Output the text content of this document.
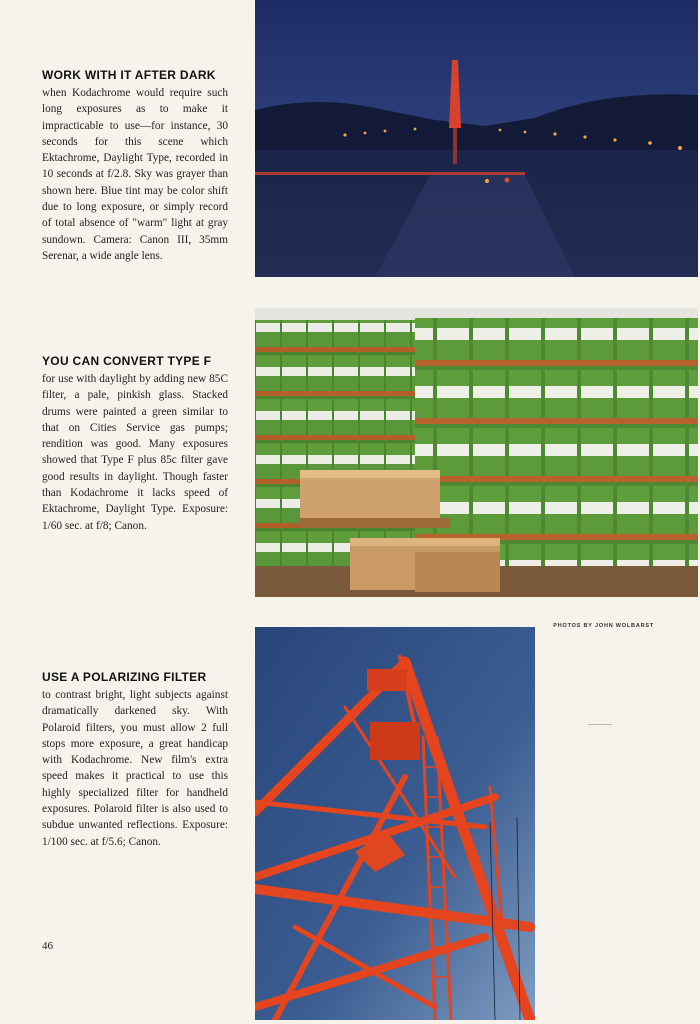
WORK WITH IT AFTER DARK

when Kodachrome would require such long exposures as to make it impracticable to use—for instance, 30 seconds for this scene which Ektachrome, Daylight Type, recorded in 10 seconds at f/2.8. Sky was grayer than shown here. Blue tint may be color shift due to long exposure, or simply record of total absence of "warm" light at gray sundown. Camera: Canon III, 35mm Serenar, a wide angle lens.

YOU CAN CONVERT TYPE F

for use with daylight by adding new 85C filter, a pale, pinkish glass. Stacked drums were painted a green similar to that on Cities Service gas pumps; rendition was good. Many exposures showed that Type F plus 85c filter gave good results in daylight. Though faster than Kodachrome it lacks speed of Ektachrome, Daylight Type. Exposure: 1/60 sec. at f/8; Canon.

PHOTOS BY JOHN WOLBARST
USE A POLARIZING FILTER

to contrast bright, light subjects against dramatically darkened sky. With Polaroid filters, you must allow 2 full stops more exposure, a great handicap with Kodachrome. New film's extra speed makes it practical to use this highly specialized filter for handheld exposures. Polaroid filter is also used to subdue unwanted reflections. Exposure: 1/100 sec. at f/5.6; Canon.

46
